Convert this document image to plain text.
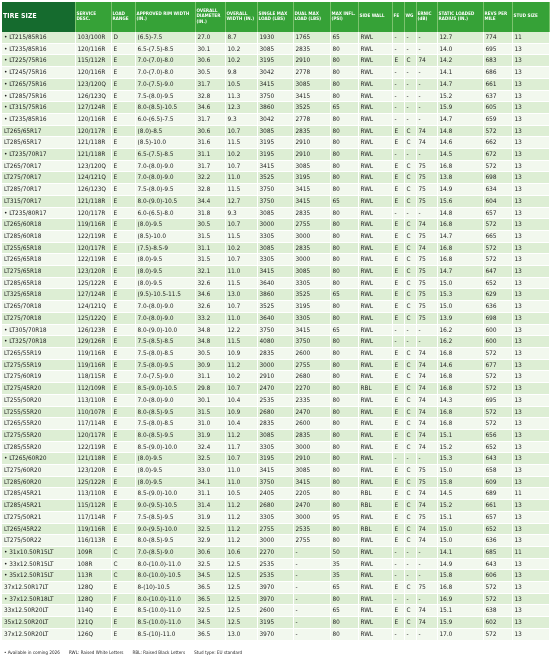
TIRE SIZE	SERVICE DESC.	LOAD RANGE	APPROVED RIM WIDTH (IN.)	OVERALL DIAMETER (IN.)	OVERALL WIDTH (IN.)	SINGLE MAX LOAD (LBS)	DUAL MAX LOAD (LBS)	MAX INFL. (PSI)	SIDE WALL	FE	WG	ERNIC (dB)	STATIC LOADED RADIUS (IN.)	REVS PER MILE	STUD SIZE
• LT215/85R16	103/100R	D	(6.5)-7.5	27.0	8.7	1930	1765	65	RWL	-	-	-	12.7	774	11
• LT235/85R16	120/116R	E	6.5-(7.5)-8.5	30.1	10.2	3085	2835	80	RWL	-	-	-	14.0	695	13
• LT225/75R16	115/112R	E	7.0-(7.0)-8.0	30.6	10.2	3195	2910	80	RWL	E	C	74	14.2	683	13
• LT245/75R16	120/116R	E	7.0-(7.0)-8.0	30.5	9.8	3042	2778	80	RWL	-	-	-	14.1	686	13
• LT265/75R16	123/120Q	E	7.0-(7.5)-9.0	31.7	10.5	3415	3085	80	RWL	-	-	-	14.7	661	13
• LT285/75R16	126/123Q	E	7.5-(8.0)-9.5	32.8	11.3	3750	3415	80	RWL	-	-	-	15.2	637	13
• LT315/75R16	127/124R	E	8.0-(8.5)-10.5	34.6	12.3	3860	3525	65	RWL	-	-	-	15.9	605	13
• LT235/85R16	120/116R	E	6.0-(6.5)-7.5	31.7	9.3	3042	2778	80	RWL	-	-	-	14.7	659	13
LT265/65R17	120/117R	E	(8.0)-8.5	30.6	10.7	3085	2835	80	RWL	E	C	74	14.8	572	13
LT285/65R17	121/118R	E	(8.5)-10.0	31.6	11.5	3195	2910	80	RWL	E	C	74	14.6	662	13
• LT235/70R17	121/118R	E	6.5-(7.5)-8.5	31.1	10.2	3195	2910	80	RWL	-	-	-	14.5	672	13
LT265/70R17	123/120Q	E	7.0-(8.0)-9.0	31.7	10.7	3415	3085	80	RWL	E	C	75	16.8	572	13
LT275/70R17	124/121Q	E	7.0-(8.0)-9.0	32.2	11.0	3525	3195	80	RWL	E	C	75	13.8	698	13
LT285/70R17	126/123Q	E	7.5-(8.0)-9.5	32.8	11.5	3750	3415	80	RWL	E	C	75	14.9	634	13
LT315/70R17	121/118R	E	8.0-(9.0)-10.5	34.4	12.7	3750	3415	65	RWL	E	C	75	15.6	604	13
• LT235/80R17	120/117R	E	6.0-(6.5)-8.0	31.8	9.3	3085	2835	80	RWL	-	-	-	14.8	657	13
LT265/60R18	119/116R	E	(8.0)-9.5	30.5	10.7	3000	2755	80	RWL	E	C	74	16.8	572	13
LT285/60R18	122/119R	E	(8.5)-10.0	31.5	11.5	3305	3000	80	RWL	E	C	75	14.7	665	13
LT255/65R18	120/117R	E	(7.5)-8.5-9	31.1	10.2	3085	2835	80	RWL	E	C	74	16.8	572	13
LT265/65R18	122/119R	E	(8.0)-9.5	31.5	10.7	3305	3000	80	RWL	E	C	75	16.8	572	13
LT275/65R18	123/120R	E	(8.0)-9.5	32.1	11.0	3415	3085	80	RWL	E	C	75	14.7	647	13
LT285/65R18	125/122R	E	(8.0)-9.5	32.6	11.5	3640	3305	80	RWL	E	C	75	15.0	652	13
LT325/65R18	127/124R	E	(9.5)-10.5-11.5	34.6	13.0	3860	3525	65	RWL	E	C	75	15.3	629	13
LT265/70R18	124/121Q	E	7.0-(8.0)-9.0	32.6	10.7	3525	3195	80	RWL	E	C	75	15.0	636	13
LT275/70R18	125/122Q	E	7.0-(8.0)-9.0	33.2	11.0	3640	3305	80	RWL	E	C	75	13.9	698	13
• LT305/70R18	126/123R	E	8.0-(9.0)-10.0	34.8	12.2	3750	3415	65	RWL	-	-	-	16.2	600	13
• LT325/70R18	129/126R	E	7.5-(8.5)-8.5	34.8	11.5	4080	3750	80	RWL	-	-	-	16.2	600	13
LT265/55R19	119/116R	E	7.5-(8.0)-8.5	30.5	10.9	2835	2600	80	RWL	E	C	74	16.8	572	13
LT275/55R19	119/116R	E	7.5-(8.0)-9.5	30.9	11.2	3000	2755	80	RWL	E	C	74	14.6	677	13
LT275/60R19	118/115R	E	7.0-(7.5)-9.0	31.1	10.2	2910	2680	80	RWL	E	C	74	16.8	572	13
LT275/45R20	112/109R	E	8.5-(9.0)-10.5	29.8	10.7	2470	2270	80	RBL	E	C	74	16.8	572	13
LT255/50R20	113/110R	E	7.0-(8.0)-9.0	30.1	10.4	2535	2335	80	RWL	E	C	74	14.3	695	13
LT255/55R20	110/107R	E	8.0-(8.5)-9.5	31.5	10.9	2680	2470	80	RWL	E	C	74	16.8	572	13
LT265/55R20	117/114R	E	7.5-(8.0)-8.5	31.0	10.4	2835	2600	80	RWL	E	C	74	16.8	572	13
LT275/55R20	120/117R	E	8.0-(8.5)-9.5	31.9	11.2	3085	2835	80	RWL	E	C	74	15.1	656	13
LT285/55R20	122/119R	E	8.5-(9.0)-10.0	32.4	11.7	3305	3000	80	RWL	E	C	74	15.2	652	13
• LT265/60R20	121/118R	E	(8.0)-9.5	32.5	10.7	3195	2910	80	RWL	-	-	-	15.3	643	13
LT275/60R20	123/120R	E	(8.0)-9.5	33.0	11.0	3415	3085	80	RWL	E	C	75	15.0	658	13
LT285/60R20	125/122R	E	(8.0)-9.5	34.1	11.0	3750	3415	80	RWL	E	C	75	15.8	609	13
LT285/45R21	113/110R	E	8.5-(9.0)-10.0	31.1	10.5	2405	2205	80	RBL	E	C	74	14.5	689	11
LT285/45R21	115/112R	E	9.0-(9.5)-10.5	31.4	11.2	2680	2470	80	RBL	E	C	74	15.2	661	13
LT275/50R21	117/114R	F	7.5-(8.5)-9.5	31.9	11.2	3305	3000	95	RWL	E	C	75	15.1	657	13
LT265/45R22	119/116R	E	9.0-(9.5)-10.0	32.5	11.2	2755	2535	80	RBL	E	C	74	15.0	652	13
LT275/50R22	116/113R	E	8.0-(8.5)-9.5	32.9	11.2	3000	2755	80	RWL	E	C	74	15.0	636	13
• 31x10.50R15LT	109R	C	7.0-(8.5)-9.0	30.6	10.6	2270	-	50	RWL	-	-	-	14.1	685	11
• 33x12.50R15LT	108R	C	8.0-(10.0)-11.0	32.5	12.5	2535	-	35	RWL	-	-	-	14.9	643	13
• 35x12.50R15LT	113R	C	8.0-(10.0)-10.5	34.5	12.5	2535	-	35	RWL	-	-	-	15.8	606	13
37x12.50R17LT	128Q	E	8-(10)-10.5	36.5	12.5	3970	-	65	RWL	E	C	75	16.8	572	13
• 37x12.50R18LT	128Q	F	8.0-(10.0)-11.0	36.5	12.5	3970	-	80	RWL	-	-	-	16.9	572	13
33x12.50R20LT	114Q	E	8.5-(10.0)-11.0	32.5	12.5	2600	-	65	RWL	E	C	74	15.1	638	13
35x12.50R20LT	121Q	E	8.5-(10.0)-11.0	34.5	12.5	3195	-	80	RWL	E	C	74	15.9	602	13
37x12.50R20LT	126Q	E	8.5-(10)-11.0	36.5	13.0	3970	-	80	RWL	-	-	-	17.0	572	13
• Available in coming 2026 RWL: Raised White Letters RBL: Raised Black Letters Stud type: EU standard
